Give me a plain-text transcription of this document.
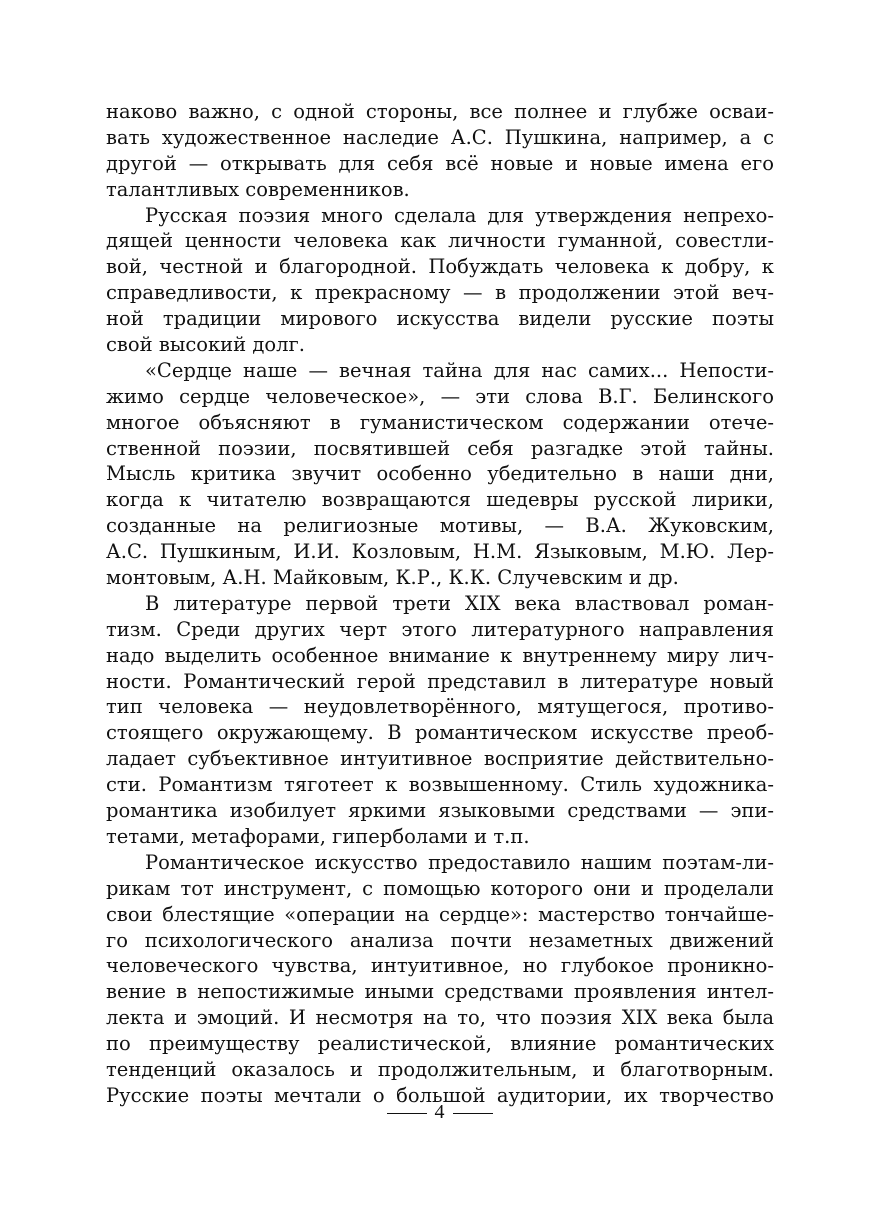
наково важно, с одной стороны, все полнее и глубже осваи-
вать художественное наследие А.С. Пушкина, например, а с
другой — открывать для себя всё новые и новые имена его
талантливых современников.
Русская поэзия много сделала для утверждения непрехо-
дящей ценности человека как личности гуманной, совестли-
вой, честной и благородной. Побуждать человека к добру, к
справедливости, к прекрасному — в продолжении этой веч-
ной традиции мирового искусства видели русские поэты
свой высокий долг.
«Сердце наше — вечная тайна для нас самих... Непости-
жимо сердце человеческое», — эти слова В.Г. Белинского
многое объясняют в гуманистическом содержании отече-
ственной поэзии, посвятившей себя разгадке этой тайны.
Мысль критика звучит особенно убедительно в наши дни,
когда к читателю возвращаются шедевры русской лирики,
созданные на религиозные мотивы, — В.А. Жуковским,
А.С. Пушкиным, И.И. Козловым, Н.М. Языковым, М.Ю. Лер-
монтовым, А.Н. Майковым, К.Р., К.К. Случевским и др.
В литературе первой трети XIX века властвовал роман-
тизм. Среди других черт этого литературного направления
надо выделить особенное внимание к внутреннему миру лич-
ности. Романтический герой представил в литературе новый
тип человека — неудовлетворённого, мятущегося, противо-
стоящего окружающему. В романтическом искусстве преоб-
ладает субъективное интуитивное восприятие действительно-
сти. Романтизм тяготеет к возвышенному. Стиль художника-
романтика изобилует яркими языковыми средствами — эпи-
тетами, метафорами, гиперболами и т.п.
Романтическое искусство предоставило нашим поэтам-ли-
рикам тот инструмент, с помощью которого они и проделали
свои блестящие «операции на сердце»: мастерство тончайше-
го психологического анализа почти незаметных движений
человеческого чувства, интуитивное, но глубокое проникно-
вение в непостижимые иными средствами проявления интел-
лекта и эмоций. И несмотря на то, что поэзия XIX века была
по преимуществу реалистической, влияние романтических
тенденций оказалось и продолжительным, и благотворным.
Русские поэты мечтали о большой аудитории, их творчество
4
